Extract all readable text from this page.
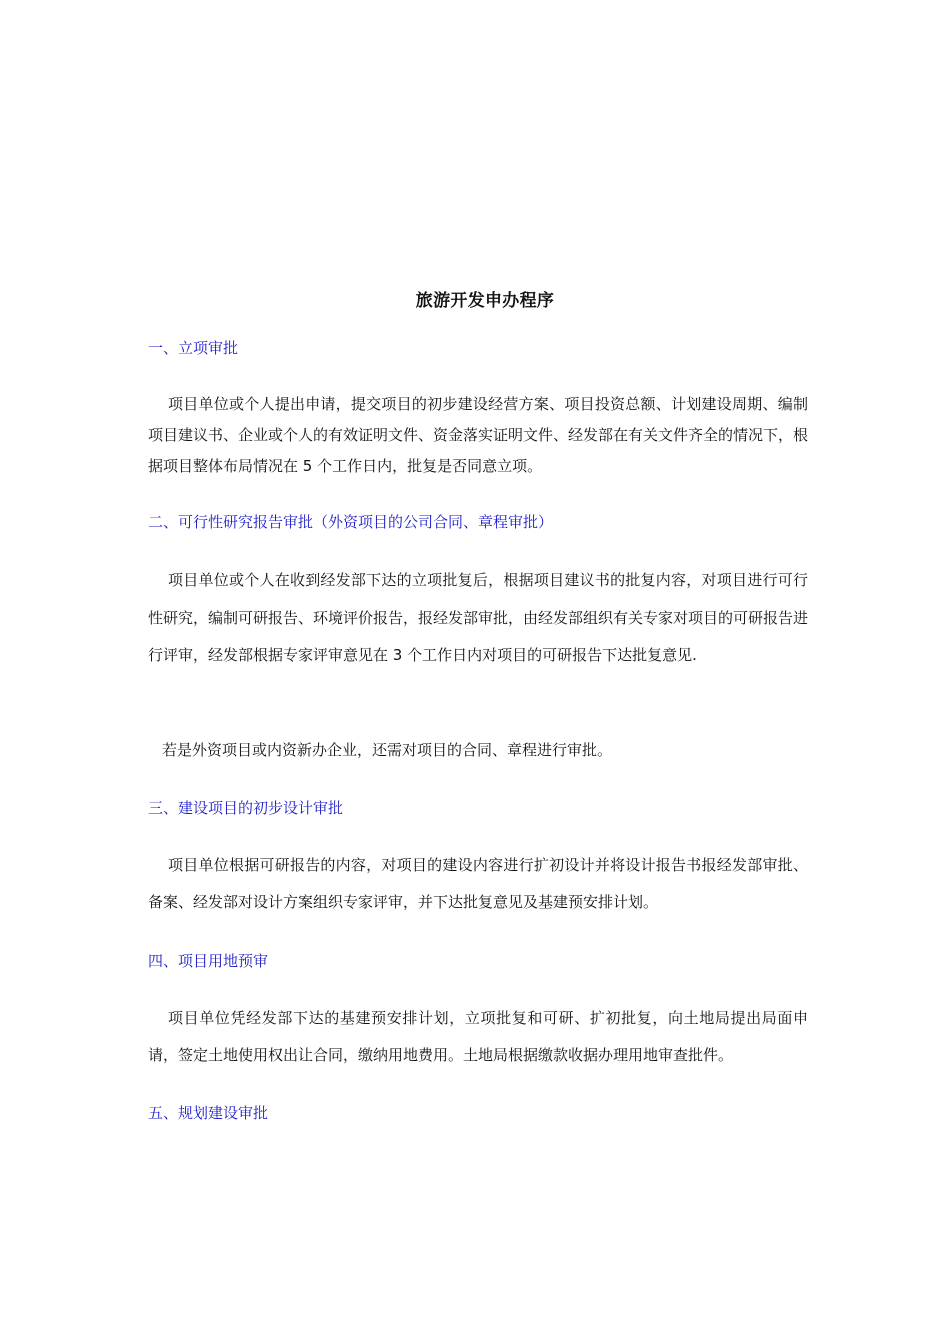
旅游开发申办程序
一、立项审批
项目单位或个人提出申请，提交项目的初步建设经营方案、项目投资总额、计划建设周期、编制项目建议书、企业或个人的有效证明文件、资金落实证明文件、经发部在有关文件齐全的情况下，根据项目整体布局情况在 5 个工作日内，批复是否同意立项。
二、可行性研究报告审批（外资项目的公司合同、章程审批）
项目单位或个人在收到经发部下达的立项批复后，根据项目建议书的批复内容，对项目进行可行性研究，编制可研报告、环境评价报告，报经发部审批，由经发部组织有关专家对项目的可研报告进行评审，经发部根据专家评审意见在 3 个工作日内对项目的可研报告下达批复意见.
若是外资项目或内资新办企业，还需对项目的合同、章程进行审批。
三、建设项目的初步设计审批
项目单位根据可研报告的内容，对项目的建设内容进行扩初设计并将设计报告书报经发部审批、备案、经发部对设计方案组织专家评审，并下达批复意见及基建预安排计划。
四、项目用地预审
项目单位凭经发部下达的基建预安排计划，立项批复和可研、扩初批复，向土地局提出局面申请，签定土地使用权出让合同，缴纳用地费用。土地局根据缴款收据办理用地审查批件。
五、规划建设审批
